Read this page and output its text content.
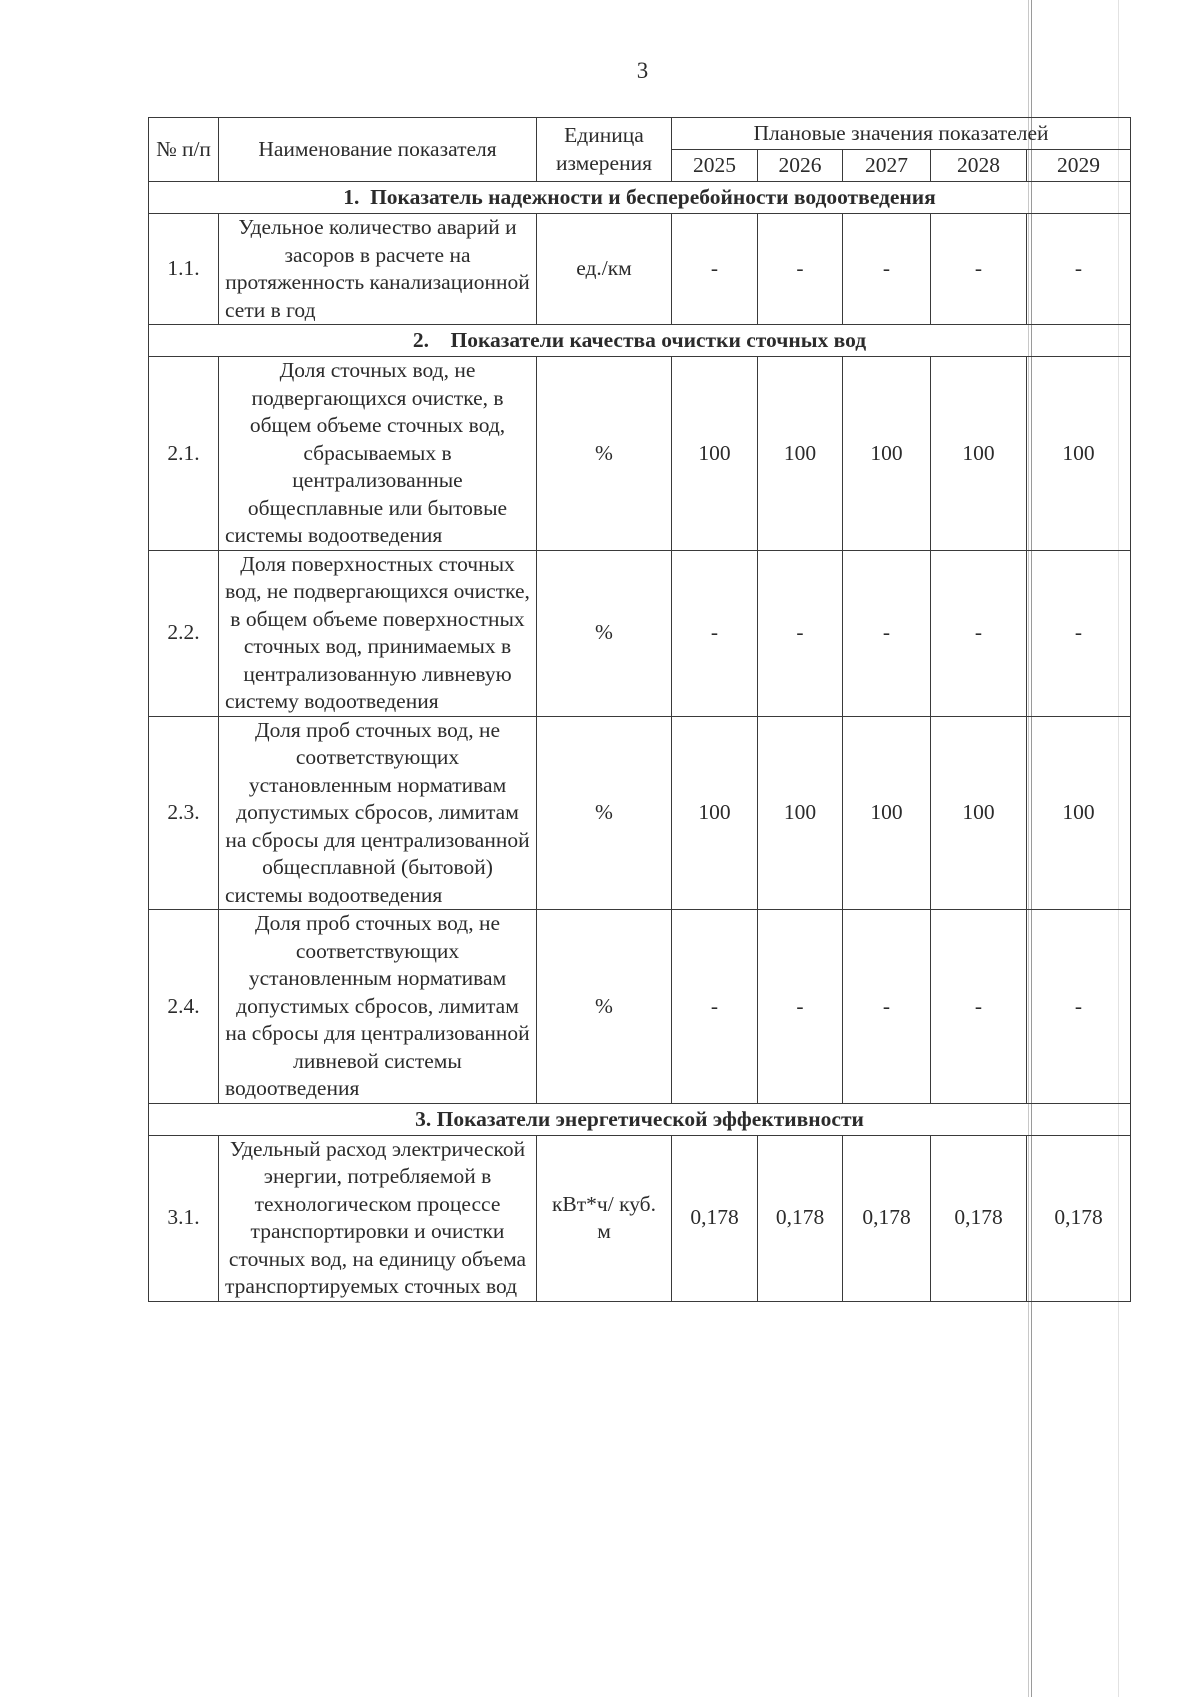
3
№ п/п	Наименование показателя	Единица измерения	Плановые значения показателей				
			2025	2026	2027	2028	2029
1.  Показатель надежности и бесперебойности водоотведения							
1.1.	Удельное количество аварий и засоров в расчете на протяженность канализационной сети в год	ед./км	-	-	-	-	-
2.    Показатели качества очистки сточных вод							
2.1.	Доля сточных вод, не подвергающихся очистке, в общем объеме сточных вод, сбрасываемых в централизованные общесплавные или бытовые системы водоотведения	%	100	100	100	100	100
2.2.	Доля поверхностных сточных вод, не подвергающихся очистке, в общем объеме поверхностных сточных вод, принимаемых в централизованную ливневую систему водоотведения	%	-	-	-	-	-
2.3.	Доля проб сточных вод, не соответствующих установленным нормативам допустимых сбросов, лимитам на сбросы для централизованной общесплавной (бытовой) системы водоотведения	%	100	100	100	100	100
2.4.	Доля проб сточных вод, не соответствующих установленным нормативам допустимых сбросов, лимитам на сбросы для централизованной ливневой системы водоотведения	%	-	-	-	-	-
3. Показатели энергетической эффективности							
3.1.	Удельный расход электрической энергии, потребляемой в технологическом процессе транспортировки и очистки сточных вод, на единицу объема транспортируемых сточных вод	кВт*ч/ куб. м	0,178	0,178	0,178	0,178	0,178
